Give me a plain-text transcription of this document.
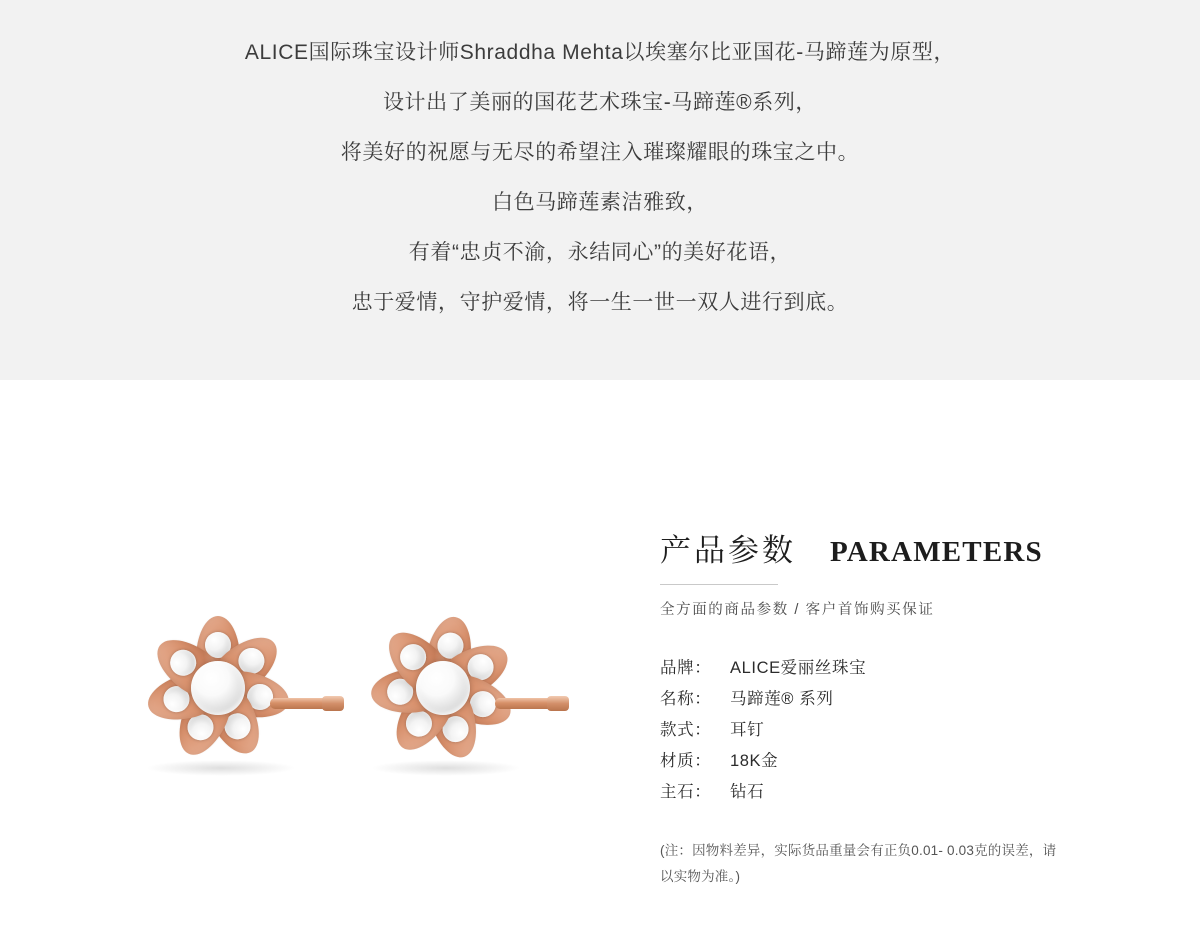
ALICE国际珠宝设计师Shraddha Mehta以埃塞尔比亚国花-马蹄莲为原型，
设计出了美丽的国花艺术珠宝-马蹄莲®系列，
将美好的祝愿与无尽的希望注入璀璨耀眼的珠宝之中。
白色马蹄莲素洁雅致，
有着“忠贞不渝，永结同心”的美好花语，
忠于爱情，守护爱情，将一生一世一双人进行到底。
产品参数 PARAMETERS
全方面的商品参数 / 客户首饰购买保证
品牌：	ALICE爱丽丝珠宝
名称：	马蹄莲® 系列
款式：	耳钉
材质：	18K金
主石：	钻石
(注：因物料差异，实际货品重量会有正负0.01- 0.03克的误差，请以实物为准。)
